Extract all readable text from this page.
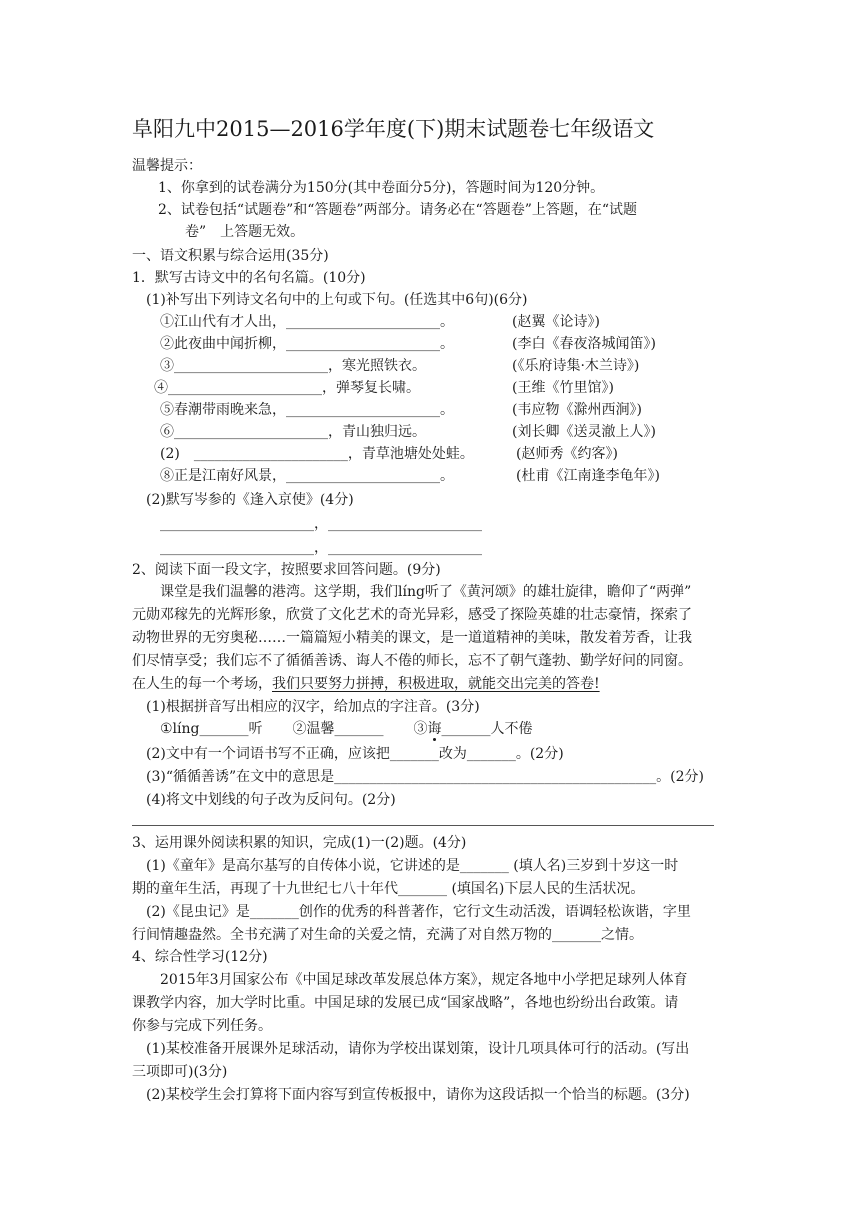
阜阳九中2015—2016学年度(下)期末试题卷七年级语文
温馨提示：
1、你拿到的试卷满分为150分(其中卷面分5分)，答题时间为120分钟。
2、试卷包括“试题卷”和“答题卷”两部分。请务必在“答题卷”上答题，在“试题
卷”　上答题无效。
一、语文积累与综合运用(35分)
1．默写古诗文中的名句名篇。(10分)
(1)补写出下列诗文名句中的上句或下句。(任选其中6句)(6分)
①江山代有才人出，______________________。	(赵翼《论诗》)
②此夜曲中闻折柳，______________________。	(李白《春夜洛城闻笛》)
③______________________，寒光照铁衣。	(《乐府诗集·木兰诗》)
④______________________，弹琴复长啸。	(王维《竹里馆》)
⑤春潮带雨晚来急，______________________。	(韦应物《滁州西涧》)
⑥______________________，青山独归远。	(刘长卿《送灵澈上人》)
(2)　______________________，青草池塘处处蛙。	(赵师秀《约客》)
⑧正是江南好风景，______________________。	(杜甫《江南逢李龟年》)
(2)默写岑参的《逢入京使》(4分)
______________________，______________________
______________________，______________________
2、阅读下面一段文字，按照要求回答问题。(9分)
课堂是我们温馨的港湾。这学期，我们líng听了《黄河颂》的雄壮旋律，瞻仰了“两弹”
元勋邓稼先的光辉形象，欣赏了文化艺术的奇光异彩，感受了探险英雄的壮志豪情，探索了
动物世界的无穷奥秘……一篇篇短小精美的课文，是一道道精神的美味，散发着芳香，让我
们尽情享受；我们忘不了循循善诱、诲人不倦的师长，忘不了朝气蓬勃、勤学好问的同窗。
在人生的每一个考场，我们只要努力拼搏，积极进取，就能交出完美的答卷!
(1)根据拼音写出相应的汉字，给加点的字注音。(3分)
①líng_______听 ②温馨_______ ③诲_______人不倦
(2)文中有一个词语书写不正确，应该把_______改为_______。(2分)
(3)“循循善诱”在文中的意思是______________________________________________。(2分)
(4)将文中划线的句子改为反问句。(2分)
3、运用课外阅读积累的知识，完成(1)一(2)题。(4分)
(1)《童年》是高尔基写的自传体小说，它讲述的是_______ (填人名)三岁到十岁这一时
期的童年生活，再现了十九世纪七八十年代_______ (填国名)下层人民的生活状况。
(2)《昆虫记》是_______创作的优秀的科普著作，它行文生动活泼，语调轻松诙谐，字里
行间情趣盎然。全书充满了对生命的关爱之情，充满了对自然万物的_______之情。
4、综合性学习(12分)
2015年3月国家公布《中国足球改革发展总体方案》，规定各地中小学把足球列人体育
课教学内容，加大学时比重。中国足球的发展已成“国家战略”，各地也纷纷出台政策。请
你参与完成下列任务。
(1)某校准备开展课外足球活动，请你为学校出谋划策，设计几项具体可行的活动。(写出
三项即可)(3分)
(2)某校学生会打算将下面内容写到宣传板报中，请你为这段话拟一个恰当的标题。(3分)
